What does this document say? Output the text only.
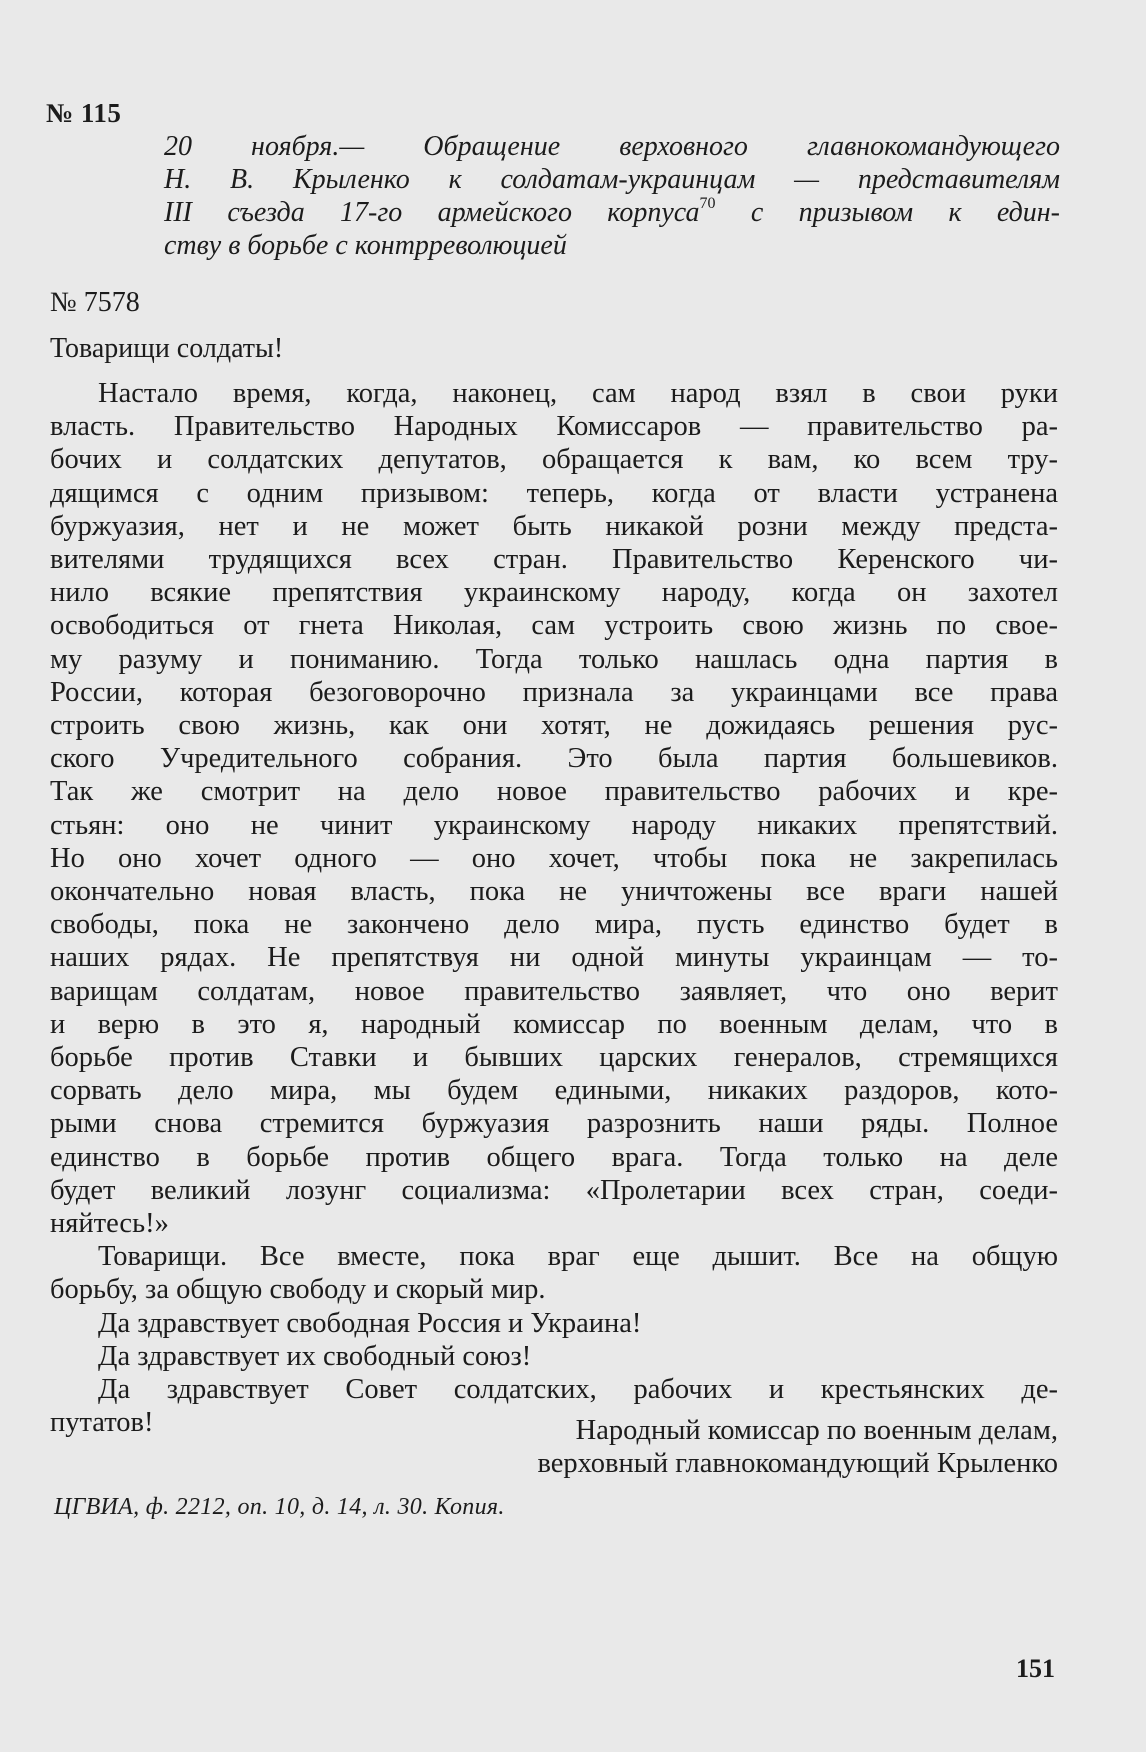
№ 115
20 ноября.— Обращение верховного главнокомандующего
Н. В. Крыленко к солдатам-украинцам — представителям
III съезда 17-го армейского корпуса$^{70}$ с призывом к един-
ству в борьбе с контрреволюцией
№ 7578
Товарищи солдаты!
Настало время, когда, наконец, сам народ взял в свои руки
власть. Правительство Народных Комиссаров — правительство ра-
бочих и солдатских депутатов, обращается к вам, ко всем тру-
дящимся с одним призывом: теперь, когда от власти устранена
буржуазия, нет и не может быть никакой розни между предста-
вителями трудящихся всех стран. Правительство Керенского чи-
нило всякие препятствия украинскому народу, когда он захотел
освободиться от гнета Николая, сам устроить свою жизнь по свое-
му разуму и пониманию. Тогда только нашлась одна партия в
России, которая безоговорочно признала за украинцами все права
строить свою жизнь, как они хотят, не дожидаясь решения рус-
ского Учредительного собрания. Это была партия большевиков.
Так же смотрит на дело новое правительство рабочих и кре-
стьян: оно не чинит украинскому народу никаких препятствий.
Но оно хочет одного — оно хочет, чтобы пока не закрепилась
окончательно новая власть, пока не уничтожены все враги нашей
свободы, пока не закончено дело мира, пусть единство будет в
наших рядах. Не препятствуя ни одной минуты украинцам — то-
варищам солдатам, новое правительство заявляет, что оно верит
и верю в это я, народный комиссар по военным делам, что в
борьбе против Ставки и бывших царских генералов, стремящихся
сорвать дело мира, мы будем едиными, никаких раздоров, кото-
рыми снова стремится буржуазия разрознить наши ряды. Полное
единство в борьбе против общего врага. Тогда только на деле
будет великий лозунг социализма: «Пролетарии всех стран, соеди-
няйтесь!»
Товарищи. Все вместе, пока враг еще дышит. Все на общую
борьбу, за общую свободу и скорый мир.
Да здравствует свободная Россия и Украина!
Да здравствует их свободный союз!
Да здравствует Совет солдатских, рабочих и крестьянских де-
путатов!	Народный комиссар по военным делам,
верховный главнокомандующий Крыленко
ЦГВИА, ф. 2212, оп. 10, д. 14, л. 30. Копия.
151
